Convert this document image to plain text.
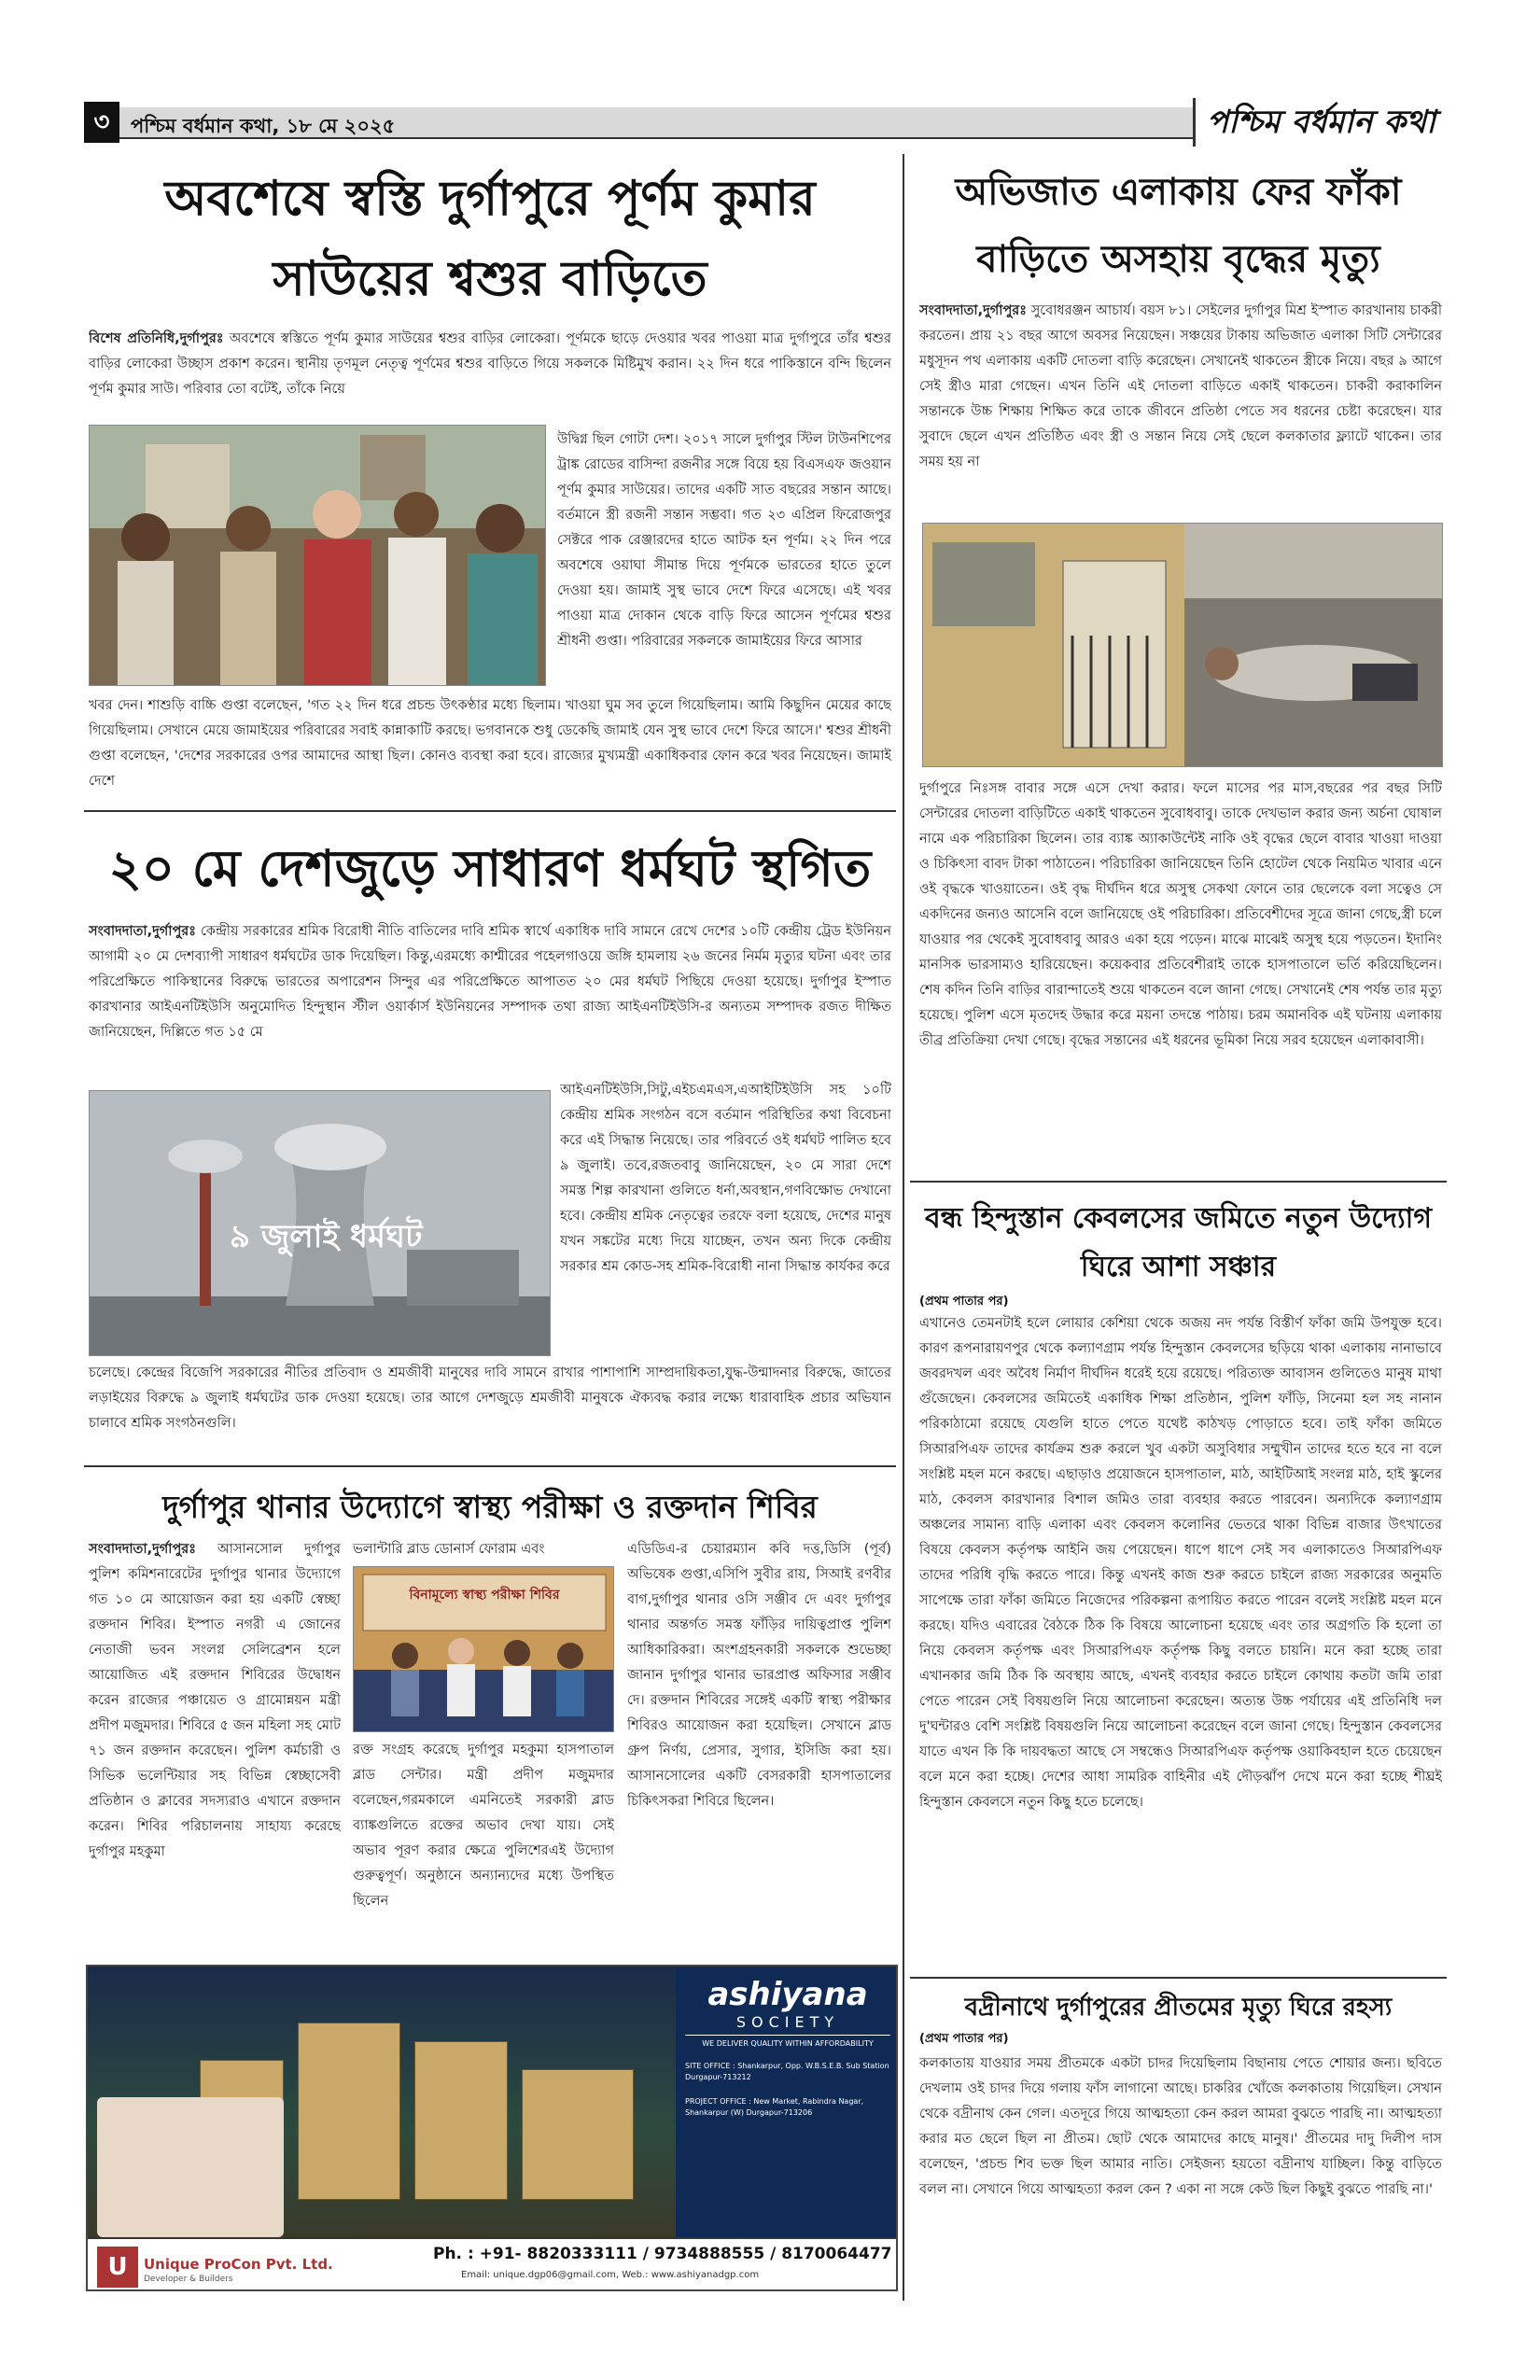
৩	পশ্চিম বর্ধমান কথা, ১৮ মে ২০২৫	পশ্চিম বর্ধমান কথা
অবশেষে স্বস্তি দুর্গাপুরে পূর্ণম কুমার সাউয়ের শ্বশুর বাড়িতে
বিশেষ প্রতিনিধি,দুর্গাপুরঃ অবশেষে স্বস্তিতে পূর্ণম কুমার সাউয়ের শ্বশুর বাড়ির লোকেরা। পূর্ণমকে ছাড়ে দেওয়ার খবর পাওয়া মাত্র দুর্গাপুরে তাঁর শ্বশুর বাড়ির লোকেরা উচ্ছাস প্রকাশ করেন। স্থানীয় তৃণমূল নেতৃত্ব পূর্ণমের শ্বশুর বাড়িতে গিয়ে সকলকে মিষ্টিমুখ করান। ২২ দিন ধরে পাকিস্তানে বন্দি ছিলেন পূর্ণম কুমার সাউ। পরিবার তো বটেই, তাঁকে নিয়ে
উদ্বিগ্ন ছিল গোটা দেশ। ২০১৭ সালে দুর্গাপুর স্টিল টাউনশিপের ট্রাঙ্ক রোডের বাসিন্দা রজনীর সঙ্গে বিয়ে হয় বিএসএফ জওয়ান পূর্ণম কুমার সাউয়ের। তাদের একটি সাত বছরের সন্তান আছে। বর্তমানে স্ত্রী রজনী সন্তান সম্ভবা। গত ২৩ এপ্রিল ফিরোজপুর সেক্টরে পাক রেঞ্জারদের হাতে আটক হন পূর্ণম। ২২ দিন পরে অবশেষে ওয়াঘা সীমান্ত দিয়ে পূর্ণমকে ভারতের হাতে তুলে দেওয়া হয়। জামাই সুস্থ ভাবে দেশে ফিরে এসেছে। এই খবর পাওয়া মাত্র দোকান থেকে বাড়ি ফিরে আসেন পূর্ণমের শ্বশুর শ্রীধনী গুপ্তা। পরিবারের সকলকে জামাইয়ের ফিরে আসার
খবর দেন। শাশুড়ি বাচ্চি গুপ্তা বলেছেন, 'গত ২২ দিন ধরে প্রচন্ড উৎকণ্ঠার মধ্যে ছিলাম। খাওয়া ঘুম সব তুলে গিয়েছিলাম। আমি কিছুদিন মেয়ের কাছে গিয়েছিলাম। সেখানে মেয়ে জামাইয়ের পরিবারের সবাই কান্নাকাটি করছে। ভগবানকে শুধু ডেকেছি জামাই যেন সুস্থ ভাবে দেশে ফিরে আসে।' শ্বশুর শ্রীধনী গুপ্তা বলেছেন, 'দেশের সরকারের ওপর আমাদের আস্থা ছিল। কোনও ব্যবস্থা করা হবে। রাজ্যের মুখ্যমন্ত্রী একাধিকবার ফোন করে খবর নিয়েছেন। জামাই দেশে
২০ মে দেশজুড়ে সাধারণ ধর্মঘট স্থগিত
সংবাদদাতা,দুর্গাপুরঃ কেন্দ্রীয় সরকারের শ্রমিক বিরোধী নীতি বাতিলের দাবি শ্রমিক স্বার্থে একাধিক দাবি সামনে রেখে দেশের ১০টি কেন্দ্রীয় ট্রেড ইউনিয়ন আগামী ২০ মে দেশব্যাপী সাধারণ ধর্মঘটের ডাক দিয়েছিল। কিন্তু,এরমধ্যে কাশ্মীরের পহেলগাওয়ে জঙ্গি হামলায় ২৬ জনের নির্মম মৃত্যুর ঘটনা এবং তার পরিপ্রেক্ষিতে পাকিস্থানের বিরুদ্ধে ভারতের অপারেশন সিন্দুর এর পরিপ্রেক্ষিতে আপাতত ২০ মের ধর্মঘট পিছিয়ে দেওয়া হয়েছে। দুর্গাপুর ইস্পাত কারখানার আইএনটিইউসি অনুমোদিত হিন্দুস্থান স্টীল ওয়ার্কার্স ইউনিয়নের সম্পাদক তথা রাজ্য আইএনটিইউসি-র অন্যতম সম্পাদক রজত দীক্ষিত জানিয়েছেন, দিল্লিতে গত ১৫ মে
৯ জুলাই ধর্মঘট
আইএনটিইউসি,সিটু,এইচএমএস,এআইটিইউসি সহ ১০টি কেন্দ্রীয় শ্রমিক সংগঠন বসে বর্তমান পরিস্থিতির কথা বিবেচনা করে এই সিদ্ধান্ত নিয়েছে। তার পরিবর্তে ওই ধর্মঘট পালিত হবে ৯ জুলাই। তবে,রজতবাবু জানিয়েছেন, ২০ মে সারা দেশে সমস্ত শিল্প কারখানা গুলিতে ধর্না,অবস্থান,গণবিক্ষোভ দেখানো হবে। কেন্দ্রীয় শ্রমিক নেতৃত্বের তরফে বলা হয়েছে, দেশের মানুষ যখন সঙ্কটের মধ্যে দিয়ে যাচ্ছেন, তখন অন্য দিকে কেন্দ্রীয় সরকার শ্রম কোড-সহ শ্রমিক-বিরোধী নানা সিদ্ধান্ত কার্যকর করে
চলেছে। কেন্দ্রের বিজেপি সরকারের নীতির প্রতিবাদ ও শ্রমজীবী মানুষের দাবি সামনে রাখার পাশাপাশি সাম্প্রদায়িকতা,যুদ্ধ-উন্মাদনার বিরুদ্ধে, জাতের লড়াইয়ের বিরুদ্ধে ৯ জুলাই ধর্মঘটের ডাক দেওয়া হয়েছে। তার আগে দেশজুড়ে শ্রমজীবী মানুষকে ঐক্যবদ্ধ করার লক্ষ্যে ধারাবাহিক প্রচার অভিযান চালাবে শ্রমিক সংগঠনগুলি।
দুর্গাপুর থানার উদ্যোগে স্বাস্থ্য পরীক্ষা ও রক্তদান শিবির
সংবাদদাতা,দুর্গাপুরঃ আসানসোল দুর্গাপুর পুলিশ কমিশনারেটের দুর্গাপুর থানার উদ্যোগে গত ১০ মে আয়োজন করা হয় একটি স্বেচ্ছা রক্তদান শিবির। ইস্পাত নগরী এ জোনের নেতাজী ভবন সংলগ্ন সেলিব্রেশন হলে আয়োজিত এই রক্তদান শিবিরের উদ্বোধন করেন রাজ্যের পঞ্চায়েত ও গ্রামোন্নয়ন মন্ত্রী প্রদীপ মজুমদার। শিবিরে ৫ জন মহিলা সহ মোট ৭১ জন রক্তদান করেছেন। পুলিশ কর্মচারী ও সিভিক ভলেন্টিয়ার সহ বিভিন্ন স্বেচ্ছাসেবী প্রতিষ্ঠান ও ক্লাবের সদস্যরাও এখানে রক্তদান করেন। শিবির পরিচালনায় সাহায্য করেছে দুর্গাপুর মহকুমা
ভলান্টারি ব্লাড ডোনার্স ফোরাম এবং
বিনামূল্যে স্বাস্থ্য পরীক্ষা শিবির
রক্ত সংগ্রহ করেছে দুর্গাপুর মহকুমা হাসপাতাল ব্লাড সেন্টার। মন্ত্রী প্রদীপ মজুমদার বলেছেন,গরমকালে এমনিতেই সরকারী ব্লাড ব্যাঙ্কগুলিতে রক্তের অভাব দেখা যায়। সেই অভাব পূরণ করার ক্ষেত্রে পুলিশেরএই উদ্যোগ গুরুত্বপূর্ণ। অনুষ্ঠানে অন্যান্যদের মধ্যে উপস্থিত ছিলেন
এডিডিএ-র চেয়ারম্যান কবি দত্ত,ডিসি (পূর্ব) অভিষেক গুপ্তা,এসিপি সুবীর রায়, সিআই রণবীর বাগ,দুর্গাপুর থানার ওসি সঞ্জীব দে এবং দুর্গাপুর থানার অন্তর্গত সমস্ত ফাঁড়ির দায়িত্বপ্রাপ্ত পুলিশ আধিকারিকরা। অংশগ্রহনকারী সকলকে শুভেচ্ছা জানান দুর্গাপুর থানার ভারপ্রাপ্ত অফিসার সঞ্জীব দে। রক্তদান শিবিরের সঙ্গেই একটি স্বাস্থ্য পরীক্ষার শিবিরও আয়োজন করা হয়েছিল। সেখানে ব্লাড গ্রুপ নির্ণয়, প্রেসার, সুগার, ইসিজি করা হয়। আসানসোলের একটি বেসরকারী হাসপাতালের চিকিৎসকরা শিবিরে ছিলেন।
ashiyana
SOCIETY
WE DELIVER QUALITY WITHIN AFFORDABILITY
SITE OFFICE : Shankarpur, Opp. W.B.S.E.B. Sub Station Durgapur-713212
PROJECT OFFICE : New Market, Rabindra Nagar, Shankarpur (W) Durgapur-713206
U	Unique ProCon Pvt. Ltd.
Developer & Builders
Ph. : +91- 8820333111 / 9734888555 / 8170064477
Email: unique.dgp06@gmail.com, Web.: www.ashiyanadgp.com
অভিজাত এলাকায় ফের ফাঁকা বাড়িতে অসহায় বৃদ্ধের মৃত্যু
সংবাদদাতা,দুর্গাপুরঃ সুবোধরঞ্জন আচার্য। বয়স ৮১। সেইলের দুর্গাপুর মিশ্র ইস্পাত কারখানায় চাকরী করতেন। প্রায় ২১ বছর আগে অবসর নিয়েছেন। সঞ্চয়ের টাকায় অভিজাত এলাকা সিটি সেন্টারের মধুসূদন পথ এলাকায় একটি দোতলা বাড়ি করেছেন। সেখানেই থাকতেন স্ত্রীকে নিয়ে। বছর ৯ আগে সেই স্ত্রীও মারা গেছেন। এখন তিনি এই দোতলা বাড়িতে একাই থাকতেন। চাকরী করাকালিন সন্তানকে উচ্চ শিক্ষায় শিক্ষিত করে তাকে জীবনে প্রতিষ্ঠা পেতে সব ধরনের চেষ্টা করেছেন। যার সুবাদে ছেলে এখন প্রতিষ্ঠিত এবং স্ত্রী ও সন্তান নিয়ে সেই ছেলে কলকাতার ফ্ল্যাটে থাকেন। তার সময় হয় না
দুর্গাপুরে নিঃসঙ্গ বাবার সঙ্গে এসে দেখা করার। ফলে মাসের পর মাস,বছরের পর বছর সিটি সেন্টারের দোতলা বাড়িটিতে একাই থাকতেন সুবোধবাবু। তাকে দেখভাল করার জন্য অর্চনা ঘোষাল নামে এক পরিচারিকা ছিলেন। তার ব্যাঙ্ক অ্যাকাউন্টেই নাকি ওই বৃদ্ধের ছেলে বাবার খাওয়া দাওয়া ও চিকিৎসা বাবদ টাকা পাঠাতেন। পরিচারিকা জানিয়েছেন তিনি হোটেল থেকে নিয়মিত খাবার এনে ওই বৃদ্ধকে খাওয়াতেন। ওই বৃদ্ধ দীর্ঘদিন ধরে অসুস্থ সেকথা ফোনে তার ছেলেকে বলা সত্বেও সে একদিনের জন্যও আসেনি বলে জানিয়েছে ওই পরিচারিকা। প্রতিবেশীদের সূত্রে জানা গেছে,স্ত্রী চলে যাওয়ার পর থেকেই সুবোধবাবু আরও একা হয়ে পড়েন। মাঝে মাঝেই অসুস্থ হয়ে পড়তেন। ইদানিং মানসিক ভারসাম্যও হারিয়েছেন। কয়েকবার প্রতিবেশীরাই তাকে হাসপাতালে ভর্তি করিয়েছিলেন। শেষ কদিন তিনি বাড়ির বারান্দাতেই শুয়ে থাকতেন বলে জানা গেছে। সেখানেই শেষ পর্যন্ত তার মৃত্যু হয়েছে। পুলিশ এসে মৃতদেহ উদ্ধার করে ময়না তদন্তে পাঠায়। চরম অমানবিক এই ঘটনায় এলাকায় তীব্র প্রতিক্রিয়া দেখা গেছে। বৃদ্ধের সন্তানের এই ধরনের ভূমিকা নিয়ে সরব হয়েছেন এলাকাবাসী।
বন্ধ হিন্দুস্তান কেবলসের জমিতে নতুন উদ্যোগ ঘিরে আশা সঞ্চার
(প্রথম পাতার পর)
এখানেও তেমনটাই হলে লোয়ার কেশিয়া থেকে অজয় নদ পর্যন্ত বিস্তীর্ণ ফাঁকা জমি উপযুক্ত হবে। কারণ রূপনারায়ণপুর থেকে কল্যাণগ্রাম পর্যন্ত হিন্দুস্তান কেবলসের ছড়িয়ে থাকা এলাকায় নানাভাবে জবরদখল এবং অবৈধ নির্মাণ দীর্ঘদিন ধরেই হয়ে রয়েছে। পরিত্যক্ত আবাসন গুলিতেও মানুষ মাথা গুঁজেছেন। কেবলসের জমিতেই একাধিক শিক্ষা প্রতিষ্ঠান, পুলিশ ফাঁড়ি, সিনেমা হল সহ নানান পরিকাঠামো রয়েছে যেগুলি হাতে পেতে যথেষ্ট কাঠখড় পোড়াতে হবে। তাই ফাঁকা জমিতে সিআরপিএফ তাদের কার্যক্রম শুরু করলে খুব একটা অসুবিধার সম্মুখীন তাদের হতে হবে না বলে সংশ্লিষ্ট মহল মনে করছে। এছাড়াও প্রয়োজনে হাসপাতাল, মাঠ, আইটিআই সংলগ্ন মাঠ, হাই স্কুলের মাঠ, কেবলস কারখানার বিশাল জমিও তারা ব্যবহার করতে পারবেন। অন্যদিকে কল্যাণগ্রাম অঞ্চলের সামান্য বাড়ি এলাকা এবং কেবলস কলোনির ভেতরে থাকা বিভিন্ন বাজার উৎখাতের বিষয়ে কেবলস কর্তৃপক্ষ আইনি জয় পেয়েছেন। ধাপে ধাপে সেই সব এলাকাতেও সিআরপিএফ তাদের পরিধি বৃদ্ধি করতে পারে। কিন্তু এখনই কাজ শুরু করতে চাইলে রাজ্য সরকারের অনুমতি সাপেক্ষে তারা ফাঁকা জমিতে নিজেদের পরিকল্পনা রূপায়িত করতে পারেন বলেই সংশ্লিষ্ট মহল মনে করছে। যদিও এবারের বৈঠকে ঠিক কি বিষয়ে আলোচনা হয়েছে এবং তার অগ্রগতি কি হলো তা নিয়ে কেবলস কর্তৃপক্ষ এবং সিআরপিএফ কর্তৃপক্ষ কিছু বলতে চায়নি। মনে করা হচ্ছে তারা এখানকার জমি ঠিক কি অবস্থায় আছে, এখনই ব্যবহার করতে চাইলে কোথায় কতটা জমি তারা পেতে পারেন সেই বিষয়গুলি নিয়ে আলোচনা করেছেন। অত্যন্ত উচ্চ পর্যায়ের এই প্রতিনিধি দল দু'ঘন্টারও বেশি সংশ্লিষ্ট বিষয়গুলি নিয়ে আলোচনা করেছেন বলে জানা গেছে। হিন্দুস্তান কেবলসের যাতে এখন কি কি দায়বদ্ধতা আছে সে সম্বন্ধেও সিআরপিএফ কর্তৃপক্ষ ওয়াকিবহাল হতে চেয়েছেন বলে মনে করা হচ্ছে। দেশের আধা সামরিক বাহিনীর এই দৌড়ঝাঁপ দেখে মনে করা হচ্ছে শীঘ্রই হিন্দুস্তান কেবলসে নতুন কিছু হতে চলেছে।
বদ্রীনাথে দুর্গাপুরের প্রীতমের মৃত্যু ঘিরে রহস্য
(প্রথম পাতার পর)
কলকাতায় যাওয়ার সময় প্রীতমকে একটা চাদর দিয়েছিলাম বিছানায় পেতে শোয়ার জন্য। ছবিতে দেখলাম ওই চাদর দিয়ে গলায় ফাঁস লাগানো আছে। চাকরির খোঁজে কলকাতায় গিয়েছিল। সেখান থেকে বদ্রীনাথ কেন গেল। এতদূরে গিয়ে আত্মহত্যা কেন করল আমরা বুঝতে পারছি না। আত্মহত্যা করার মত ছেলে ছিল না প্রীতম। ছোট থেকে আমাদের কাছে মানুষ।' প্রীতমের দাদু দিলীপ দাস বলেছেন, 'প্রচন্ড শিব ভক্ত ছিল আমার নাতি। সেইজন্য হয়তো বদ্রীনাথ যাচ্ছিল। কিন্তু বাড়িতে বলল না। সেখানে গিয়ে আত্মহত্যা করল কেন ? একা না সঙ্গে কেউ ছিল কিছুই বুঝতে পারছি না।'
